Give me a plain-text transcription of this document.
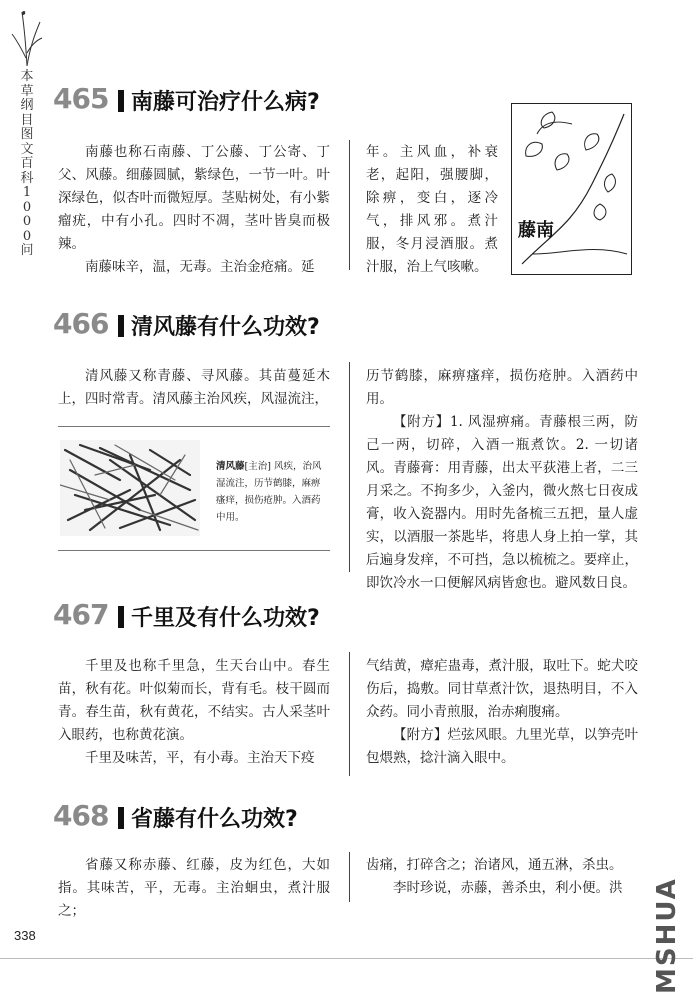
本草纲目图文百科1000问
465 南藤可治疗什么病?

南藤也称石南藤、丁公藤、丁公寄、丁父、风藤。细藤圆腻，紫绿色，一节一叶。叶深绿色，似杏叶而微短厚。茎贴树处，有小紫瘤疣，中有小孔。四时不凋，茎叶皆臭而极辣。

南藤味辛，温，无毒。主治金疮痛。延

年。主风血，补衰老，起阳，强腰脚，除痹，变白，逐冷气，排风邪。煮汁服，冬月浸酒服。煮汁服，治上气咳嗽。

藤南
466 清风藤有什么功效?

清风藤又称青藤、寻风藤。其苗蔓延木上，四时常青。清风藤主治风疾，风湿流注，

清风藤[主治] 风疾，治风湿流注，历节鹤膝，麻痹瘙痒，损伤疮肿。入酒药中用。

历节鹤膝，麻痹瘙痒，损伤疮肿。入酒药中用。

【附方】1. 风湿痹痛。青藤根三两，防己一两，切碎，入酒一瓶煮饮。2. 一切诸风。青藤膏：用青藤，出太平荻港上者，二三月采之。不拘多少，入釜内，微火熬七日夜成膏，收入瓷器内。用时先备梳三五把，量人虚实，以酒服一茶匙毕，将患人身上拍一掌，其后遍身发痒，不可挡，急以梳梳之。要痒止，即饮冷水一口便解风病皆愈也。避风数日良。

467 千里及有什么功效?

千里及也称千里急，生天台山中。春生苗，秋有花。叶似菊而长，背有毛。枝干圆而青。春生苗，秋有黄花，不结实。古人采茎叶入眼药，也称黄花演。

千里及味苦，平，有小毒。主治天下疫

气结黄，瘴疟蛊毒，煮汁服，取吐下。蛇犬咬伤后，捣敷。同甘草煮汁饮，退热明目，不入众药。同小青煎服，治赤痢腹痛。

【附方】烂弦风眼。九里光草，以笋壳叶包煨熟，捻汁滴入眼中。

468 省藤有什么功效?

省藤又称赤藤、红藤，皮为红色，大如指。其味苦，平，无毒。主治蛔虫，煮汁服之；

齿痛，打碎含之；治诸风，通五淋，杀虫。

李时珍说，赤藤，善杀虫，利小便。洪

338	MSHUA
